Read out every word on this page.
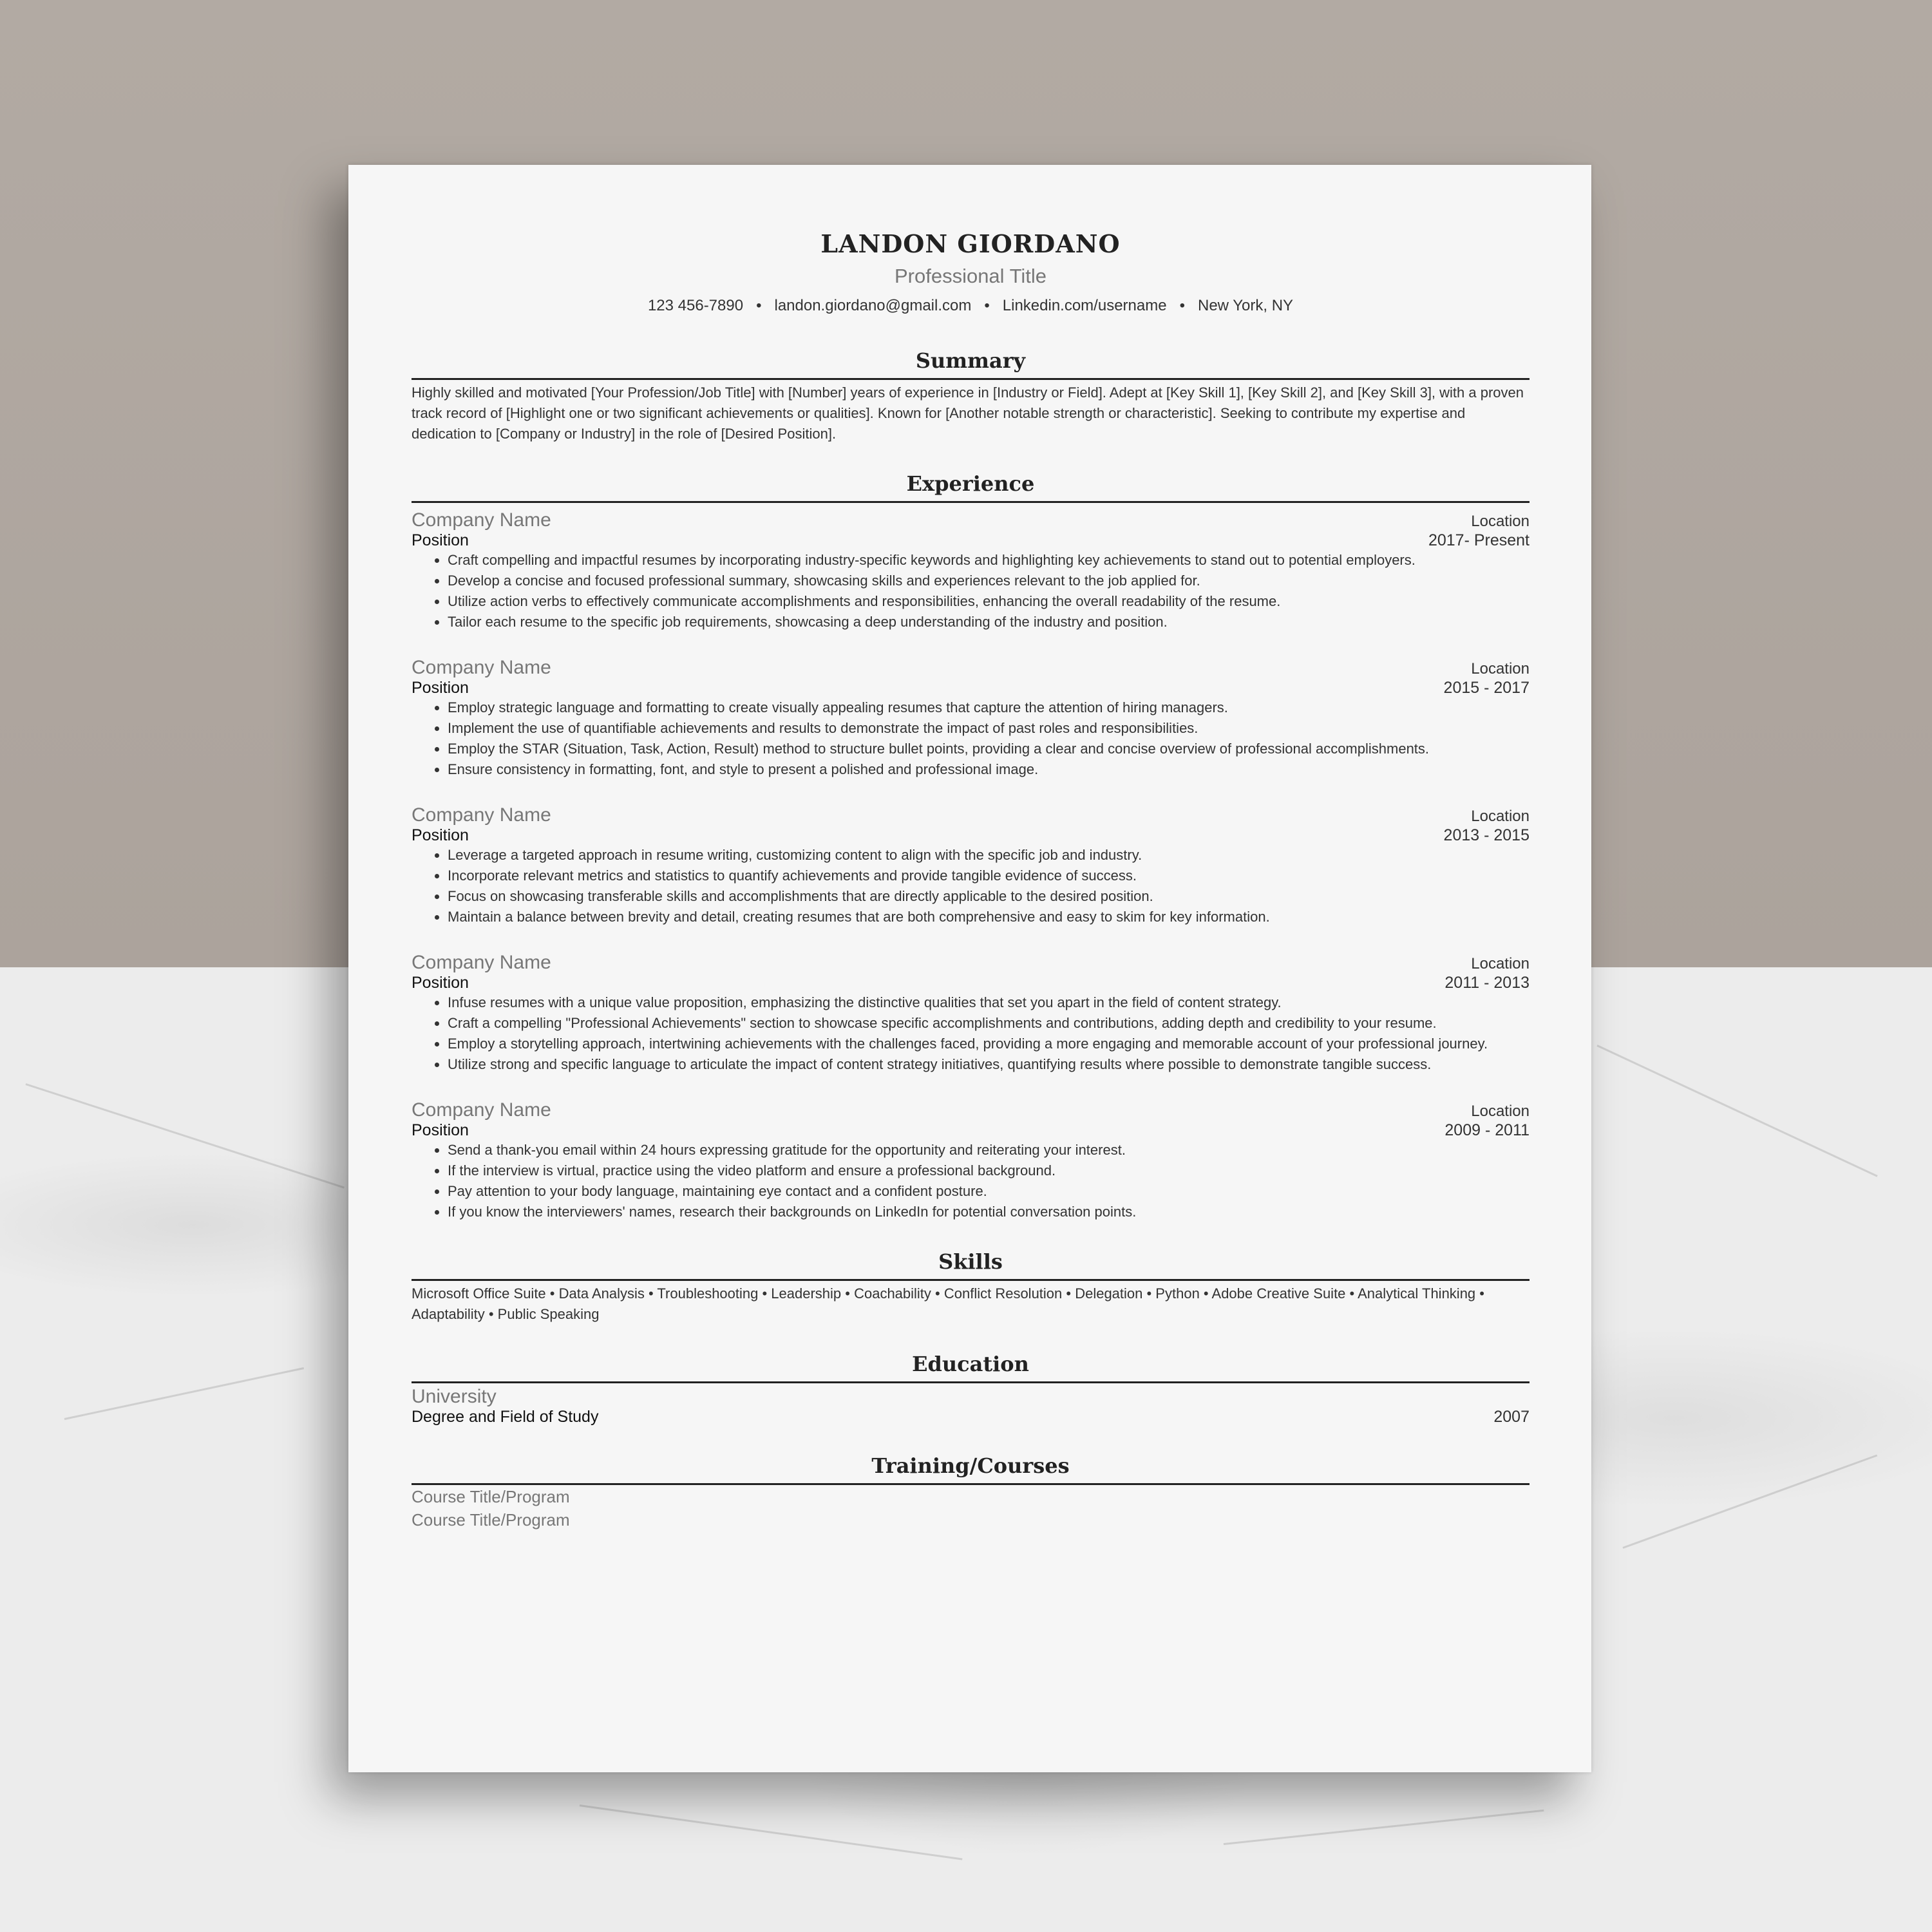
LANDON GIORDANO
Professional Title
123 456-7890 • landon.giordano@gmail.com • Linkedin.com/username • New York, NY
Summary
Highly skilled and motivated [Your Profession/Job Title] with [Number] years of experience in [Industry or Field]. Adept at [Key Skill 1], [Key Skill 2], and [Key Skill 3], with a proven track record of [Highlight one or two significant achievements or qualities]. Known for [Another notable strength or characteristic]. Seeking to contribute my expertise and dedication to [Company or Industry] in the role of [Desired Position].
Experience
Company Name	Location
Position	2017- Present
• Craft compelling and impactful resumes by incorporating industry-specific keywords and highlighting key achievements to stand out to potential employers.
• Develop a concise and focused professional summary, showcasing skills and experiences relevant to the job applied for.
• Utilize action verbs to effectively communicate accomplishments and responsibilities, enhancing the overall readability of the resume.
• Tailor each resume to the specific job requirements, showcasing a deep understanding of the industry and position.
Company Name	Location
Position	2015 - 2017
• Employ strategic language and formatting to create visually appealing resumes that capture the attention of hiring managers.
• Implement the use of quantifiable achievements and results to demonstrate the impact of past roles and responsibilities.
• Employ the STAR (Situation, Task, Action, Result) method to structure bullet points, providing a clear and concise overview of professional accomplishments.
• Ensure consistency in formatting, font, and style to present a polished and professional image.
Company Name	Location
Position	2013 - 2015
• Leverage a targeted approach in resume writing, customizing content to align with the specific job and industry.
• Incorporate relevant metrics and statistics to quantify achievements and provide tangible evidence of success.
• Focus on showcasing transferable skills and accomplishments that are directly applicable to the desired position.
• Maintain a balance between brevity and detail, creating resumes that are both comprehensive and easy to skim for key information.
Company Name	Location
Position	2011 - 2013
• Infuse resumes with a unique value proposition, emphasizing the distinctive qualities that set you apart in the field of content strategy.
• Craft a compelling "Professional Achievements" section to showcase specific accomplishments and contributions, adding depth and credibility to your resume.
• Employ a storytelling approach, intertwining achievements with the challenges faced, providing a more engaging and memorable account of your professional journey.
• Utilize strong and specific language to articulate the impact of content strategy initiatives, quantifying results where possible to demonstrate tangible success.
Company Name	Location
Position	2009 - 2011
• Send a thank-you email within 24 hours expressing gratitude for the opportunity and reiterating your interest.
• If the interview is virtual, practice using the video platform and ensure a professional background.
• Pay attention to your body language, maintaining eye contact and a confident posture.
• If you know the interviewers' names, research their backgrounds on LinkedIn for potential conversation points.
Skills
Microsoft Office Suite • Data Analysis • Troubleshooting • Leadership • Coachability • Conflict Resolution • Delegation • Python • Adobe Creative Suite • Analytical Thinking • Adaptability • Public Speaking
Education
University
Degree and Field of Study	2007
Training/Courses
Course Title/Program
Course Title/Program
